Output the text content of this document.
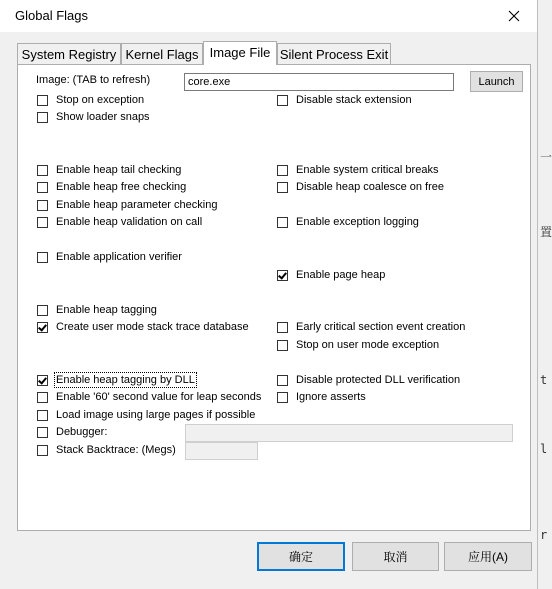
Global Flags
System Registry Kernel Flags Image File Silent Process Exit
Image: (TAB to refresh)	core.exe	Launch
Stop on exception
Show loader snaps
Enable heap tail checking
Enable heap free checking
Enable heap parameter checking
Enable heap validation on call
Enable application verifier
Enable heap tagging
Create user mode stack trace database
Enable heap tagging by DLL
Enable '60' second value for leap seconds
Load image using large pages if possible
Debugger:
Stack Backtrace: (Megs)
Disable stack extension
Enable system critical breaks
Disable heap coalesce on free
Enable exception logging
Enable page heap
Early critical section event creation
Stop on user mode exception
Disable protected DLL verification
Ignore asserts
确定	取消	应用(A)
一
置
t
l
r
